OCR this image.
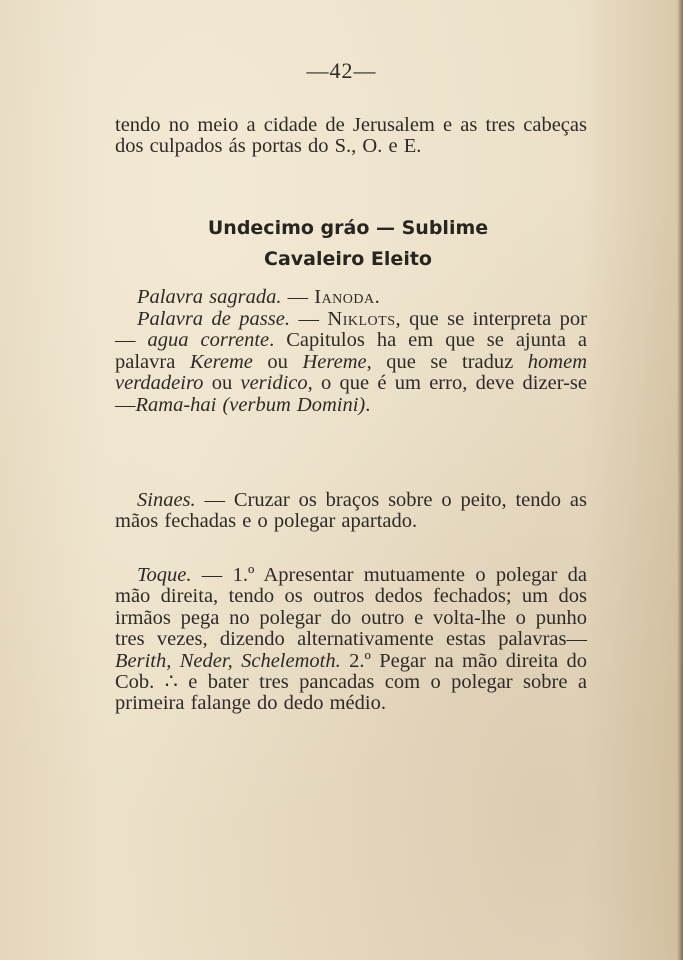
—42—

tendo no meio a cidade de Jerusalem e as tres cabeças dos culpados ás portas do S., O. e E.

Undecimo gráo — Sublime
Cavaleiro Eleito

Palavra sagrada. — Ianoda.

Palavra de passe. — Niklots, que se interpreta por — agua corrente. Capitulos ha em que se ajunta a palavra Kereme ou Hereme, que se traduz homem verdadeiro ou veridico, o que é um erro, deve dizer-se —Rama-hai (verbum Domini).

Sinaes. — Cruzar os braços sobre o peito, tendo as mãos fechadas e o polegar apartado.

Toque. — 1.º Apresentar mutuamente o polegar da mão direita, tendo os outros dedos fechados; um dos irmãos pega no polegar do outro e volta-lhe o punho tres vezes, dizendo alternativamente estas palavras—Berith, Neder, Schelemoth. 2.º Pegar na mão direita do Cob. ∴ e bater tres pancadas com o polegar sobre a primeira falange do dedo médio.
